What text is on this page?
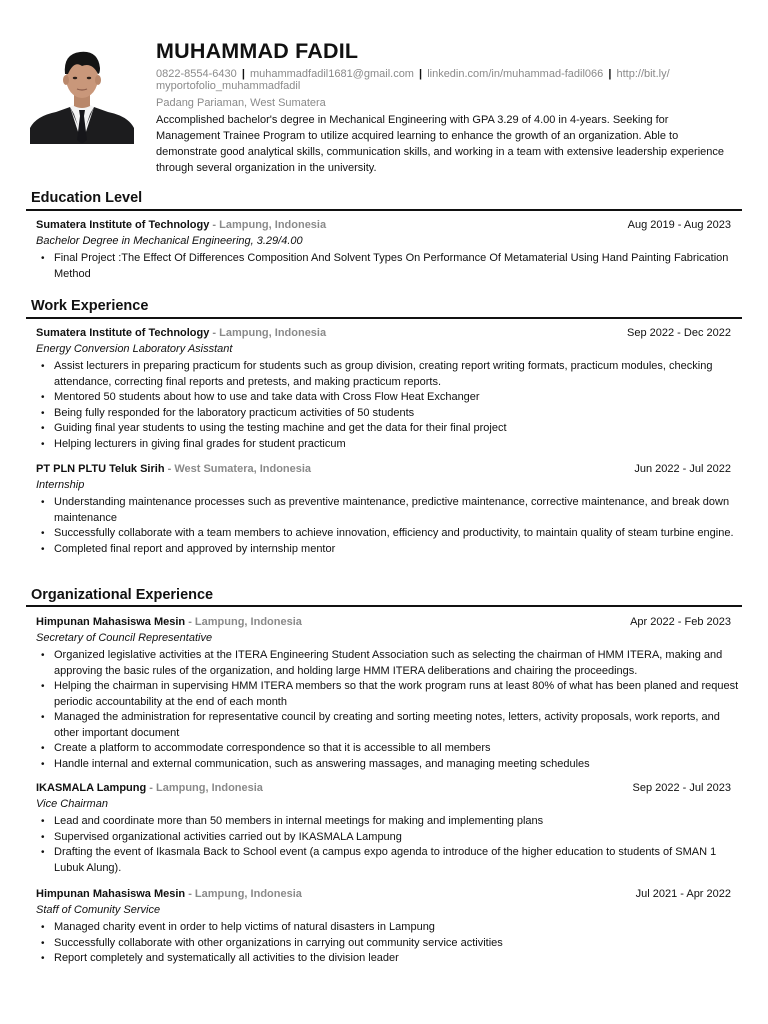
MUHAMMAD FADIL
0822-8554-6430 | muhammadfadil1681@gmail.com | linkedin.com/in/muhammad-fadil066 | http://bit.ly/
myportofolio_muhammadfadil
Padang Pariaman, West Sumatera
Accomplished bachelor's degree in Mechanical Engineering with GPA 3.29 of 4.00 in 4-years. Seeking for Management Trainee Program to utilize acquired learning to enhance the growth of an organization. Able to demonstrate good analytical skills, communication skills, and working in a team with extensive leadership experience through several organization in the university.
Education Level
Sumatera Institute of Technology - Lampung, Indonesia	Aug 2019 - Aug 2023
Bachelor Degree in Mechanical Engineering, 3.29/4.00
• Final Project :The Effect Of Differences Composition And Solvent Types On Performance Of Metamaterial Using Hand Painting Fabrication Method
Work Experience
Sumatera Institute of Technology - Lampung, Indonesia	Sep 2022 - Dec 2022
Energy Conversion Laboratory Asisstant
• Assist lecturers in preparing practicum for students such as group division, creating report writing formats, practicum modules, checking attendance, correcting final reports and pretests, and making practicum reports.
• Mentored 50 students about how to use and take data with Cross Flow Heat Exchanger
• Being fully responded for the laboratory practicum activities of 50 students
• Guiding final year students to using the testing machine and get the data for their final project
• Helping lecturers in giving final grades for student practicum
PT PLN PLTU Teluk Sirih - West Sumatera, Indonesia	Jun 2022 - Jul 2022
Internship
• Understanding maintenance processes such as preventive maintenance, predictive maintenance, corrective maintenance, and break down maintenance
• Successfully collaborate with a team members to achieve innovation, efficiency and productivity, to maintain quality of steam turbine engine.
• Completed final report and approved by internship mentor
Organizational Experience
Himpunan Mahasiswa Mesin - Lampung, Indonesia	Apr 2022 - Feb 2023
Secretary of Council Representative
• Organized legislative activities at the ITERA Engineering Student Association such as selecting the chairman of HMM ITERA, making and approving the basic rules of the organization, and holding large HMM ITERA deliberations and chairing the proceedings.
• Helping the chairman in supervising HMM ITERA members so that the work program runs at least 80% of what has been planed and request periodic accountability at the end of each month
• Managed the administration for representative council by creating and sorting meeting notes, letters, activity proposals, work reports, and other important document
• Create a platform to accommodate correspondence so that it is accessible to all members
• Handle internal and external communication, such as answering massages, and managing meeting schedules
IKASMALA Lampung - Lampung, Indonesia	Sep 2022 - Jul 2023
Vice Chairman
• Lead and coordinate more than 50 members in internal meetings for making and implementing plans
• Supervised organizational activities carried out by IKASMALA Lampung
• Drafting the event of Ikasmala Back to School event (a campus expo agenda to introduce of the higher education to students of SMAN 1 Lubuk Alung).
Himpunan Mahasiswa Mesin - Lampung, Indonesia	Jul 2021 - Apr 2022
Staff of Comunity Service
• Managed charity event in order to help victims of natural disasters in Lampung
• Successfully collaborate with other organizations in carrying out community service activities
• Report completely and systematically all activities to the division leader
